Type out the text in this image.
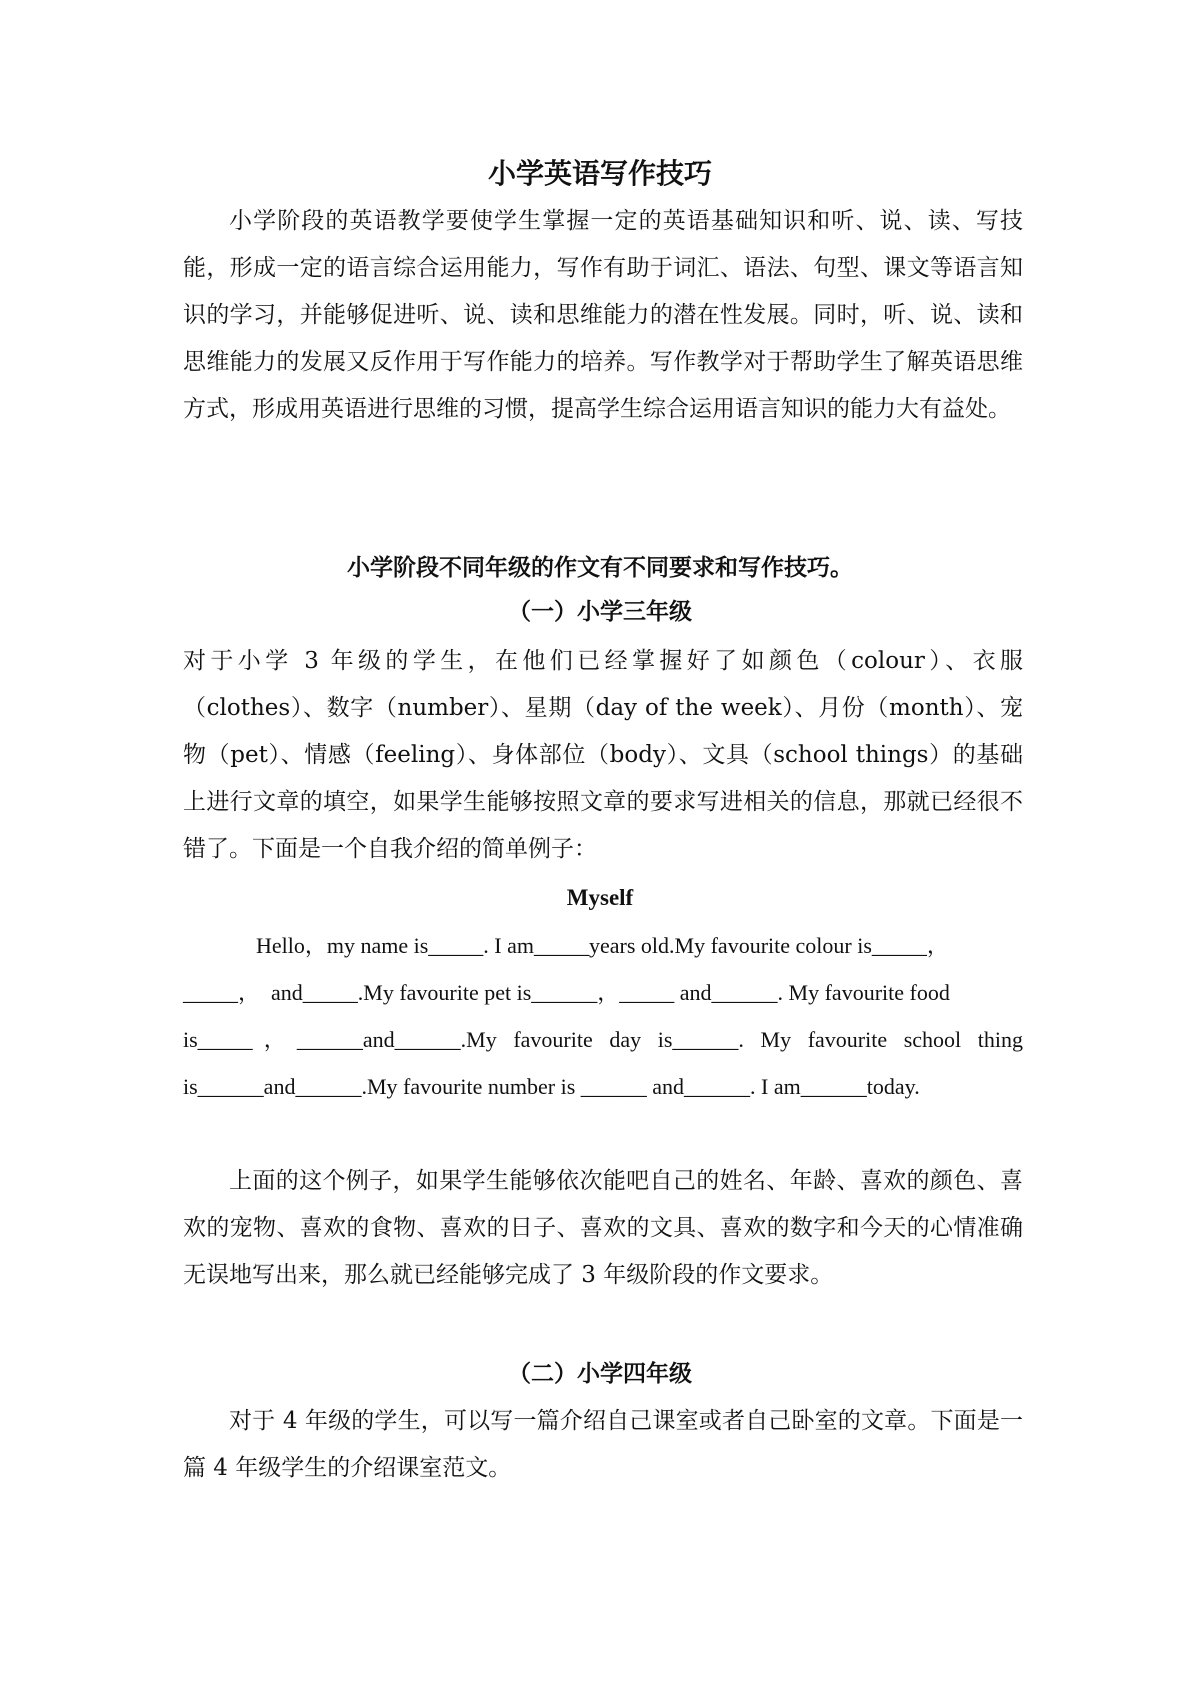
小学英语写作技巧

小学阶段的英语教学要使学生掌握一定的英语基础知识和听、说、读、写技能，形成一定的语言综合运用能力，写作有助于词汇、语法、句型、课文等语言知识的学习，并能够促进听、说、读和思维能力的潜在性发展。同时，听、说、读和思维能力的发展又反作用于写作能力的培养。写作教学对于帮助学生了解英语思维方式，形成用英语进行思维的习惯，提高学生综合运用语言知识的能力大有益处。

小学阶段不同年级的作文有不同要求和写作技巧。
（一）小学三年级

对于小学 3 年级的学生，在他们已经掌握好了如颜色（colour）、衣服（clothes）、数字（number）、星期（day of the week）、月份（month）、宠物（pet）、情感（feeling）、身体部位（body）、文具（school things）的基础上进行文章的填空，如果学生能够按照文章的要求写进相关的信息，那就已经很不错了。下面是一个自我介绍的简单例子：

Myself
Hello，my name is_____. I am_____years old.My favourite colour is_____，
_____，  and_____.My favourite pet is______，_____ and______. My favourite food
is_____，______and______.My favourite day is______. My favourite school thing
is______and______.My favourite number is ______ and______. I am______today.

上面的这个例子，如果学生能够依次能吧自己的姓名、年龄、喜欢的颜色、喜欢的宠物、喜欢的食物、喜欢的日子、喜欢的文具、喜欢的数字和今天的心情准确无误地写出来，那么就已经能够完成了 3 年级阶段的作文要求。

（二）小学四年级

对于 4 年级的学生，可以写一篇介绍自己课室或者自己卧室的文章。下面是一篇 4 年级学生的介绍课室范文。
